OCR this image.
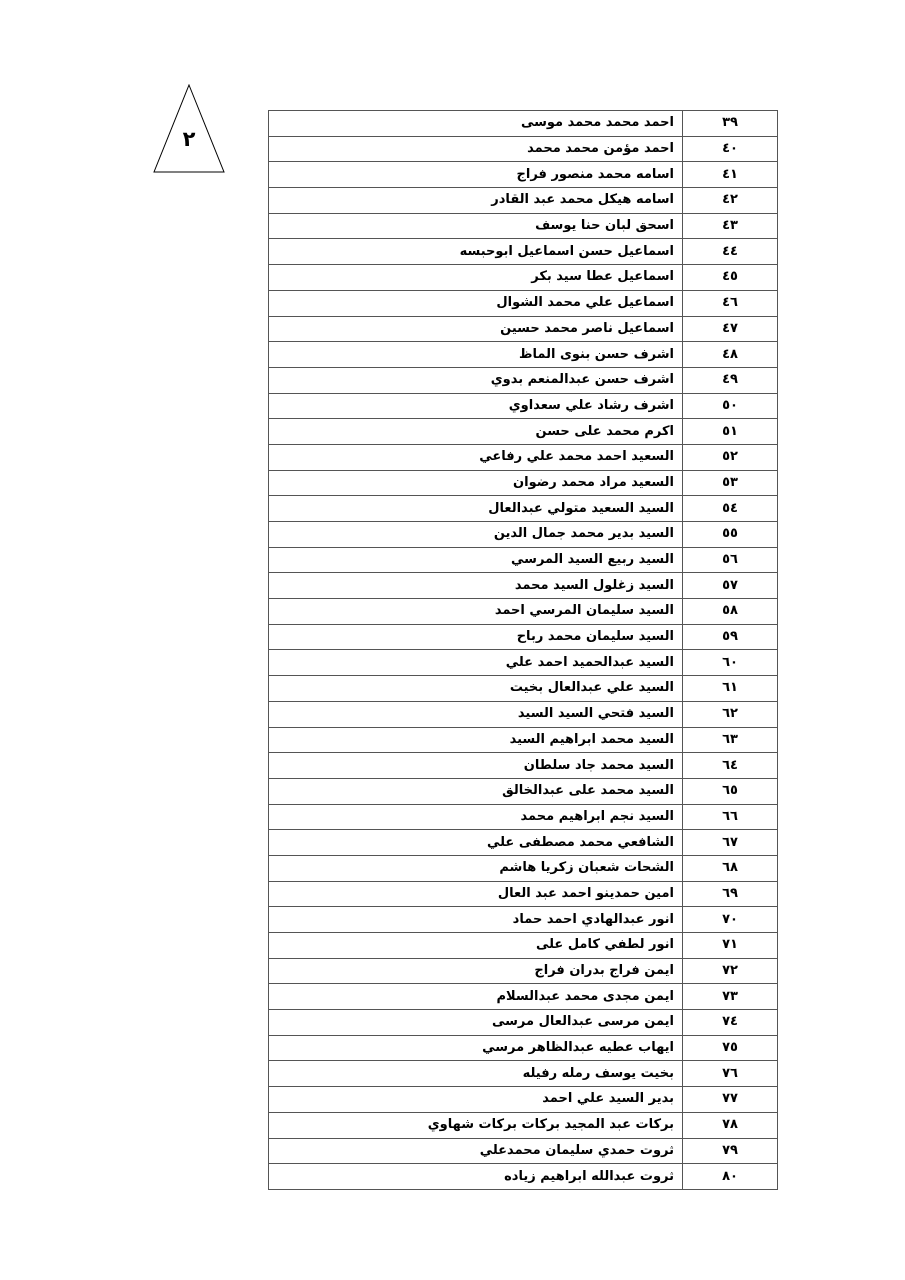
٢
٣٩	احمد محمد محمد موسى
٤٠	احمد مؤمن محمد محمد
٤١	اسامه محمد منصور فراج
٤٢	اسامه هيكل محمد عبد القادر
٤٣	اسحق لبان حنا يوسف
٤٤	اسماعيل حسن اسماعيل ابوحبسه
٤٥	اسماعيل عطا سيد بكر
٤٦	اسماعيل علي محمد الشوال
٤٧	اسماعيل ناصر محمد حسين
٤٨	اشرف حسن بنوى الماظ
٤٩	اشرف حسن عبدالمنعم بدوي
٥٠	اشرف رشاد علي سعداوي
٥١	اكرم محمد على حسن
٥٢	السعيد احمد محمد علي رفاعي
٥٣	السعيد مراد محمد رضوان
٥٤	السيد السعيد متولي عبدالعال
٥٥	السيد بدير محمد جمال الدين
٥٦	السيد ربيع السيد المرسي
٥٧	السيد زغلول السيد محمد
٥٨	السيد سليمان المرسي احمد
٥٩	السيد سليمان محمد رباح
٦٠	السيد عبدالحميد احمد علي
٦١	السيد علي عبدالعال بخيت
٦٢	السيد فتحي السيد السيد
٦٣	السيد محمد ابراهيم السيد
٦٤	السيد محمد جاد سلطان
٦٥	السيد محمد على عبدالخالق
٦٦	السيد نجم ابراهيم محمد
٦٧	الشافعي محمد مصطفى علي
٦٨	الشحات شعبان زكريا هاشم
٦٩	امين حمدينو احمد عبد العال
٧٠	انور عبدالهادي احمد حماد
٧١	انور لطفي كامل على
٧٢	ايمن فراج بدران فراج
٧٣	ايمن مجدى محمد عبدالسلام
٧٤	ايمن مرسى عبدالعال مرسى
٧٥	ايهاب عطيه عبدالظاهر مرسي
٧٦	بخيت يوسف رمله رفيله
٧٧	بدير السيد علي احمد
٧٨	بركات عبد المجيد بركات بركات شهاوي
٧٩	ثروت حمدي سليمان محمدعلي
٨٠	ثروت عبدالله ابراهيم زياده
